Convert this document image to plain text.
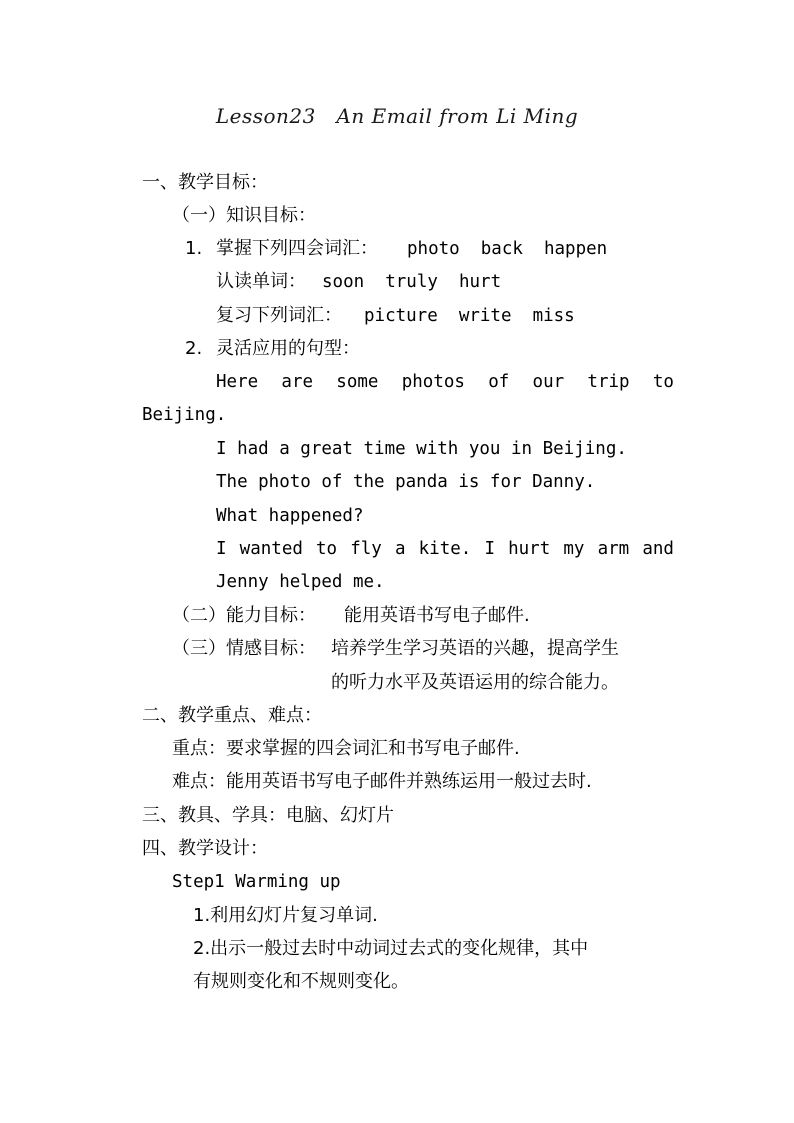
Lesson23   An Email from Li Ming
一、教学目标：
（一）知识目标：
1. 掌握下列四会词汇： photo  back  happen
认读单词： soon  truly  hurt
复习下列词汇： picture  write  miss
2. 灵活应用的句型：
Here are some photos of our trip to
Beijing.
I had a great time with you in Beijing.
The photo of the panda is for Danny.
What happened?
I wanted to fly a kite. I hurt my arm and
Jenny helped me.
（二）能力目标： 能用英语书写电子邮件.
（三）情感目标： 培养学生学习英语的兴趣，提高学生
的听力水平及英语运用的综合能力。
二、教学重点、难点：
重点：要求掌握的四会词汇和书写电子邮件.
难点：能用英语书写电子邮件并熟练运用一般过去时.
三、教具、学具：电脑、幻灯片
四、教学设计：
Step1 Warming up
1.利用幻灯片复习单词.
2.出示一般过去时中动词过去式的变化规律，其中
有规则变化和不规则变化。
